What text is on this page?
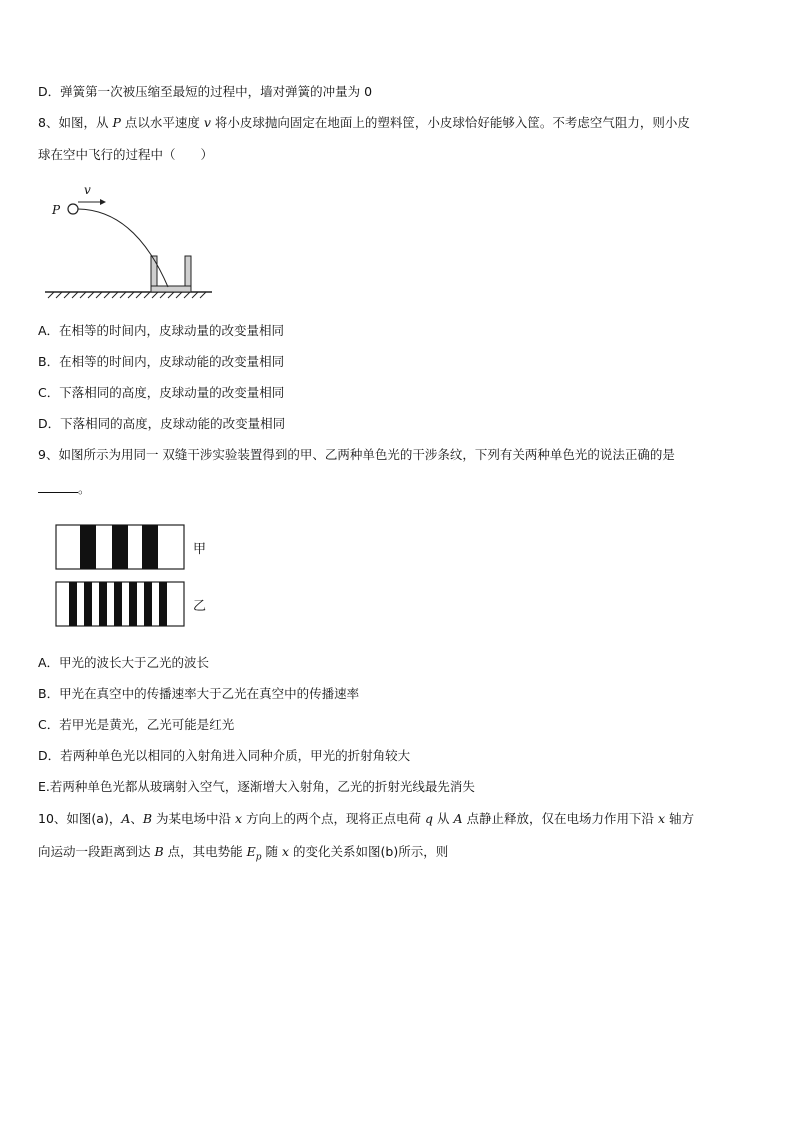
D．弹簧第一次被压缩至最短的过程中，墙对弹簧的冲量为 0
8、如图，从 P 点以水平速度 v 将小皮球抛向固定在地面上的塑料筐，小皮球恰好能够入筐。不考虑空气阻力，则小皮
球在空中飞行的过程中（　　）
P
v
A．在相等的时间内，皮球动量的改变量相同
B．在相等的时间内，皮球动能的改变量相同
C．下落相同的高度，皮球动量的改变量相同
D．下落相同的高度，皮球动能的改变量相同
9、如图所示为用同一 双缝干涉实验装置得到的甲、乙两种单色光的干涉条纹，下列有关两种单色光的说法正确的是
。
甲
乙
A．甲光的波长大于乙光的波长
B．甲光在真空中的传播速率大于乙光在真空中的传播速率
C．若甲光是黄光，乙光可能是红光
D．若两种单色光以相同的入射角进入同种介质，甲光的折射角较大
E.若两种单色光都从玻璃射入空气，逐渐增大入射角，乙光的折射光线最先消失
10、如图(a)，A、B 为某电场中沿 x 方向上的两个点，现将正点电荷 q 从 A 点静止释放，仅在电场力作用下沿 x 轴方
向运动一段距离到达 B 点，其电势能 $E_p$ 随 x 的变化关系如图(b)所示，则
